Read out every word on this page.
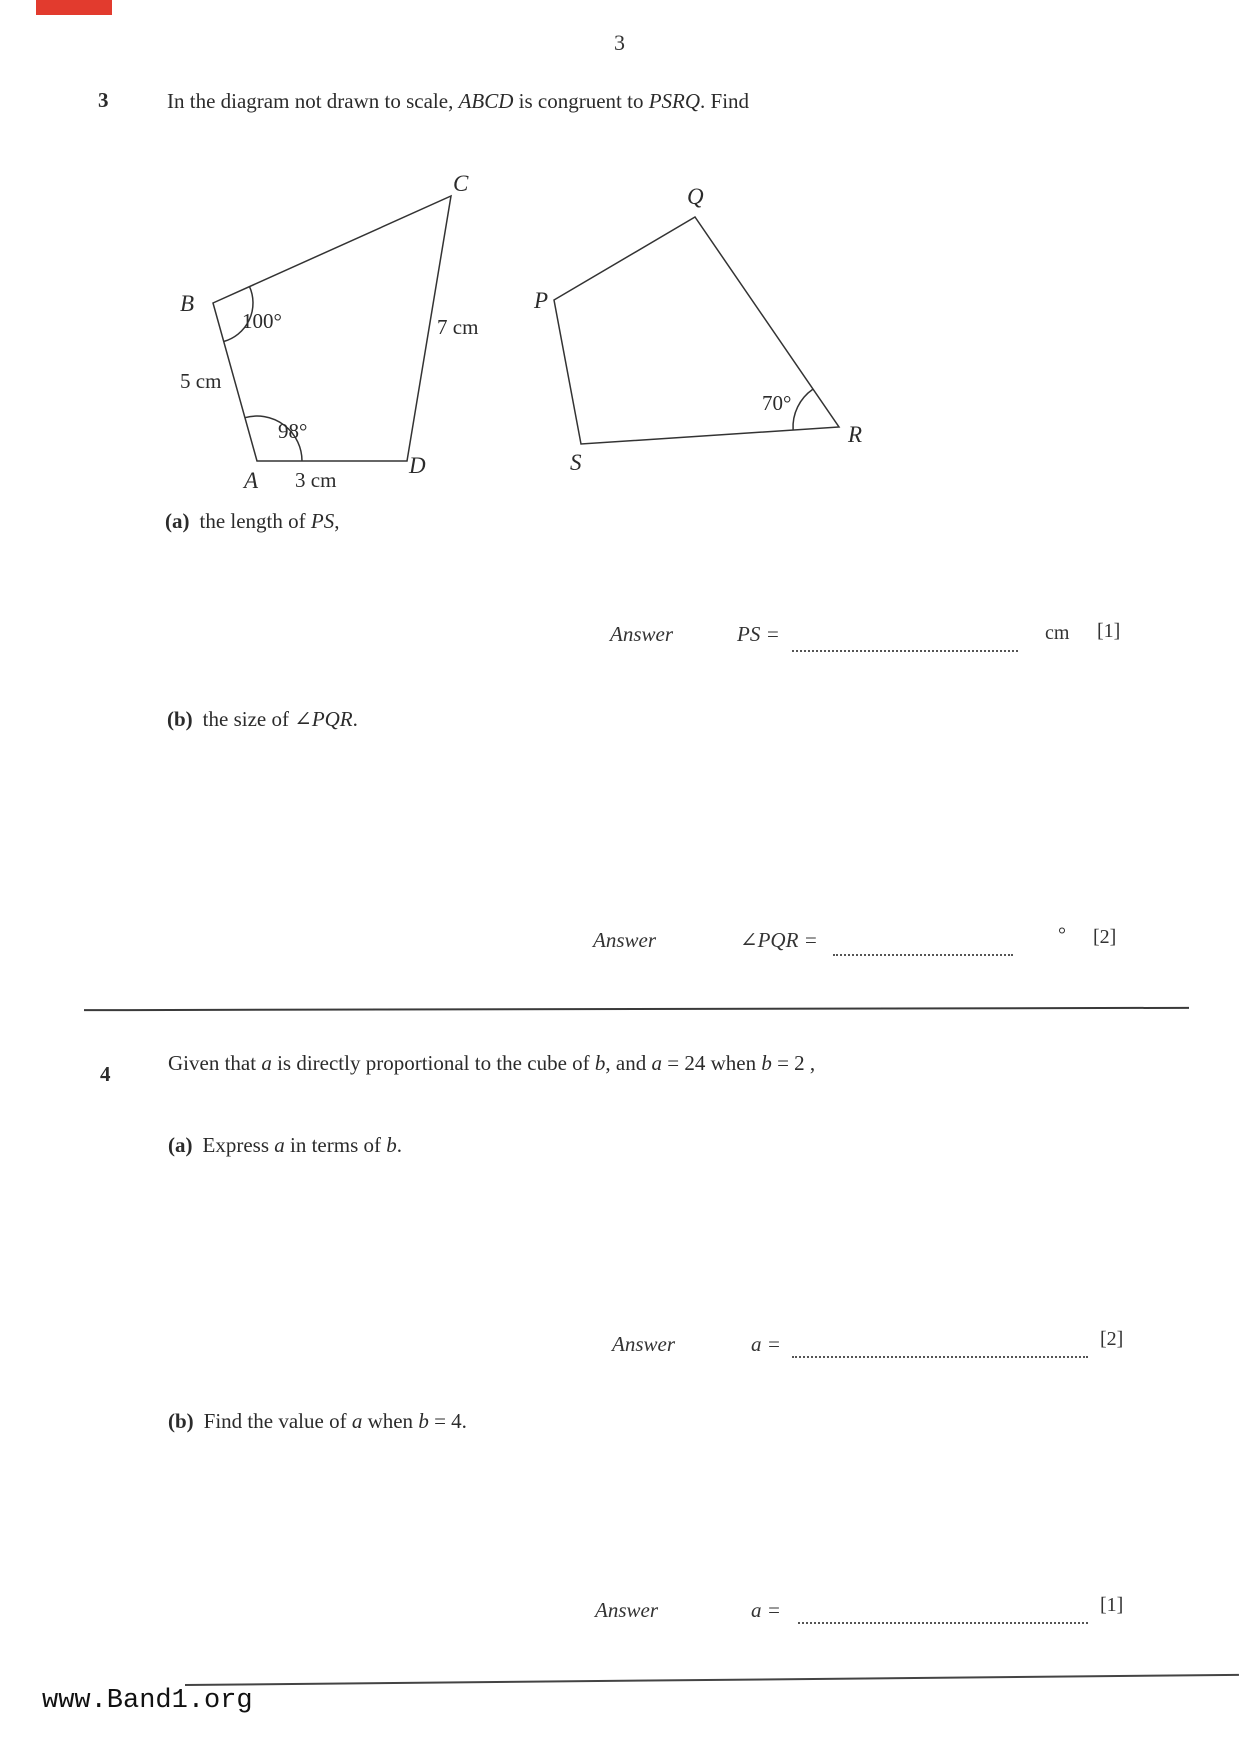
3
3	In the diagram not drawn to scale, ABCD is congruent to PSRQ. Find
C
B
A
D
100°
98°
5 cm
7 cm
3 cm
P
Q
R
S
70°
(a) the length of PS,
Answer	PS =	cm [1]
(b) the size of ∠PQR.
Answer	∠PQR =	° [2]
4	Given that a is directly proportional to the cube of b, and a = 24 when b = 2 ,
(a) Express a in terms of b.
Answer	a =	[2]
(b) Find the value of a when b = 4.
Answer	a =	[1]
www.Band1.org
